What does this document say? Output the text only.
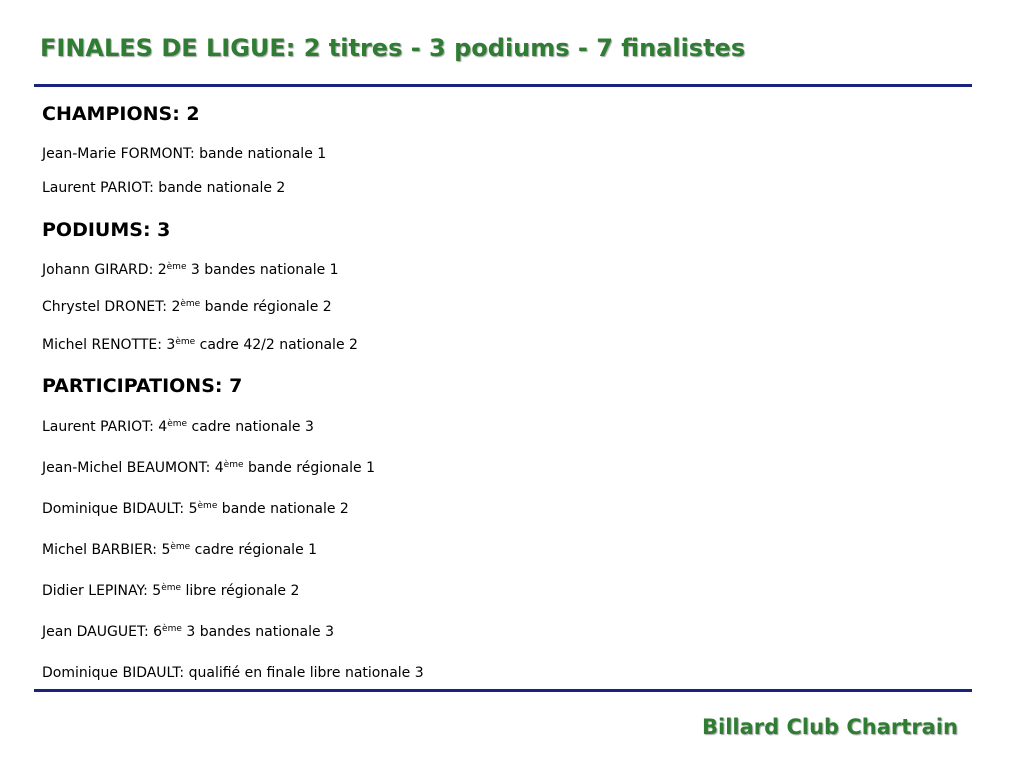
FINALES DE LIGUE: 2 titres - 3 podiums - 7 finalistes
CHAMPIONS: 2
Jean-Marie FORMONT: bande nationale 1
Laurent PARIOT: bande nationale 2
PODIUMS: 3
Johann GIRARD: 2ème 3 bandes nationale 1
Chrystel DRONET: 2ème bande régionale 2
Michel RENOTTE: 3ème cadre 42/2 nationale 2
PARTICIPATIONS: 7
Laurent PARIOT: 4ème cadre nationale 3
Jean-Michel BEAUMONT: 4ème bande régionale 1
Dominique BIDAULT: 5ème bande nationale 2
Michel BARBIER: 5ème cadre régionale 1
Didier LEPINAY: 5ème libre régionale 2
Jean DAUGUET: 6ème 3 bandes nationale 3
Dominique BIDAULT: qualifié en finale libre nationale 3
Billard Club Chartrain
